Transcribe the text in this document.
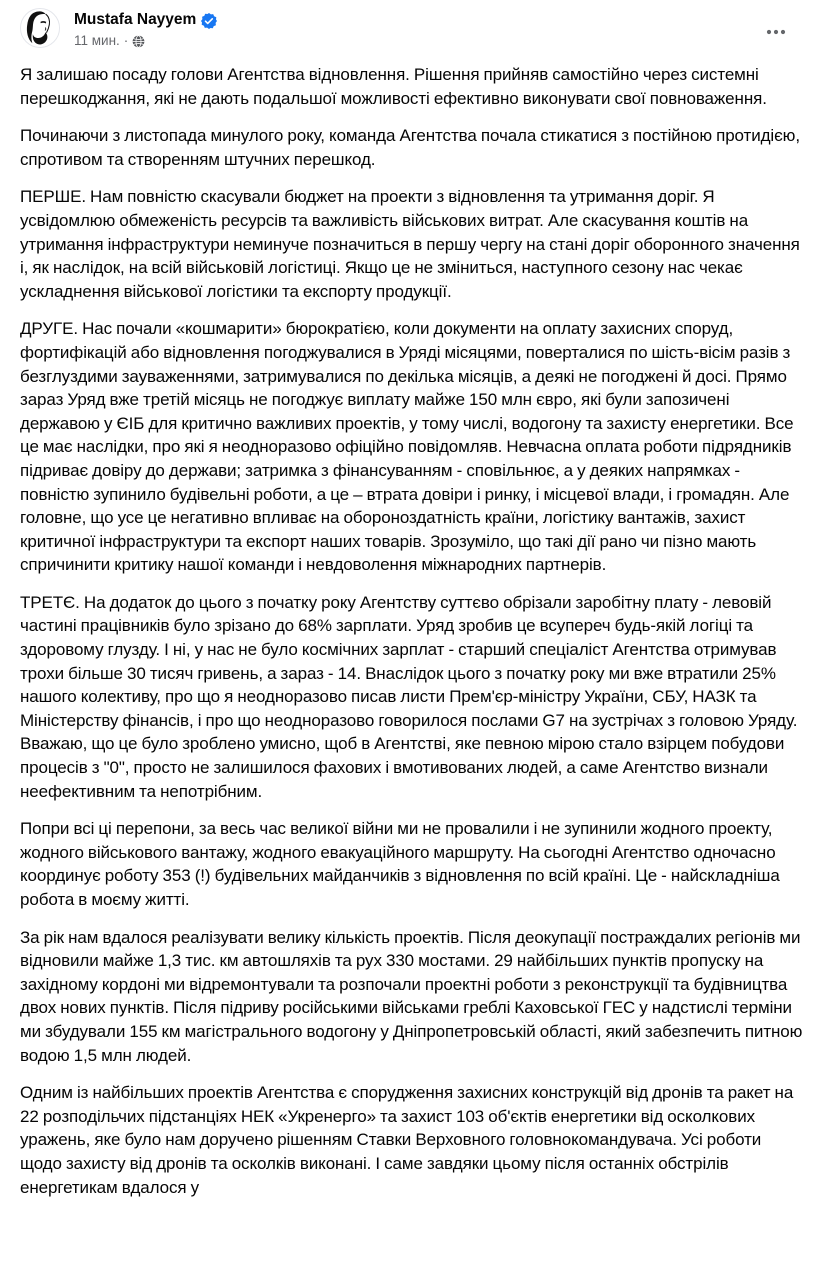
Mustafa Nayyem
11 мин. ·

Я залишаю посаду голови Агентства відновлення. Рішення прийняв самостійно через системні перешкоджання, які не дають подальшої можливості ефективно виконувати свої повноваження.

Починаючи з листопада минулого року, команда Агентства почала стикатися з постійною протидією, спротивом та створенням штучних перешкод.

ПЕРШЕ. Нам повністю скасували бюджет на проекти з відновлення та утримання доріг. Я усвідомлюю обмеженість ресурсів та важливість військових витрат. Але скасування коштів на утримання інфраструктури неминуче позначиться в першу чергу на стані доріг оборонного значення і, як наслідок, на всій військовій логістиці. Якщо це не зміниться, наступного сезону нас чекає ускладнення військової логістики та експорту продукції.

ДРУГЕ. Нас почали «кошмарити» бюрократією, коли документи на оплату захисних споруд, фортифікацій або відновлення погоджувалися в Уряді місяцями, поверталися по шість-вісім разів з безглуздими зауваженнями, затримувалися по декілька місяців, а деякі не погоджені й досі. Прямо зараз Уряд вже третій місяць не погоджує виплату майже 150 млн євро, які були запозичені державою у ЄІБ для критично важливих проектів, у тому числі, водогону та захисту енергетики. Все це має наслідки, про які я неодноразово офіційно повідомляв. Невчасна оплата роботи підрядників підриває довіру до держави; затримка з фінансуванням - сповільнює, а у деяких напрямках - повністю зупинило будівельні роботи, а це – втрата довіри і ринку, і місцевої влади, і громадян. Але головне, що усе це негативно впливає на обороноздатність країни, логістику вантажів, захист критичної інфраструктури та експорт наших товарів. Зрозуміло, що такі дії рано чи пізно мають спричинити критику нашої команди і невдоволення міжнародних партнерів.

ТРЕТЄ. На додаток до цього з початку року Агентству суттєво обрізали заробітну плату - левовій частині працівників було зрізано до 68% зарплати. Уряд зробив це всупереч будь-якій логіці та здоровому глузду. І ні, у нас не було космічних зарплат - старший спеціаліст Агентства отримував трохи більше 30 тисяч гривень, а зараз - 14. Внаслідок цього з початку року ми вже втратили 25% нашого колективу, про що я неодноразово писав листи Прем'єр-міністру України, СБУ, НАЗК та Міністерству фінансів, і про що неодноразово говорилося послами G7 на зустрічах з головою Уряду. Вважаю, що це було зроблено умисно, щоб в Агентстві, яке певною мірою стало взірцем побудови процесів з "0", просто не залишилося фахових і вмотивованих людей, а саме Агентство визнали неефективним та непотрібним.

Попри всі ці перепони, за весь час великої війни ми не провалили і не зупинили жодного проекту, жодного військового вантажу, жодного евакуаційного маршруту. На сьогодні Агентство одночасно координує роботу 353 (!) будівельних майданчиків з відновлення по всій країні. Це - найскладніша робота в моєму житті.

За рік нам вдалося реалізувати велику кількість проектів. Після деокупації постраждалих регіонів ми відновили майже 1,3 тис. км автошляхів та рух 330 мостами. 29 найбільших пунктів пропуску на західному кордоні ми відремонтували та розпочали проектні роботи з реконструкції та будівництва двох нових пунктів. Після підриву російськими військами греблі Каховської ГЕС у надстислі терміни ми збудували 155 км магістрального водогону у Дніпропетровській області, який забезпечить питною водою 1,5 млн людей.

Одним із найбільших проектів Агентства є спорудження захисних конструкцій від дронів та ракет на 22 розподільчих підстанціях НЕК «Укренерго» та захист 103 об'єктів енергетики від осколкових уражень, яке було нам доручено рішенням Ставки Верховного головнокомандувача. Усі роботи щодо захисту від дронів та осколків виконані. І саме завдяки цьому після останніх обстрілів енергетикам вдалося у
